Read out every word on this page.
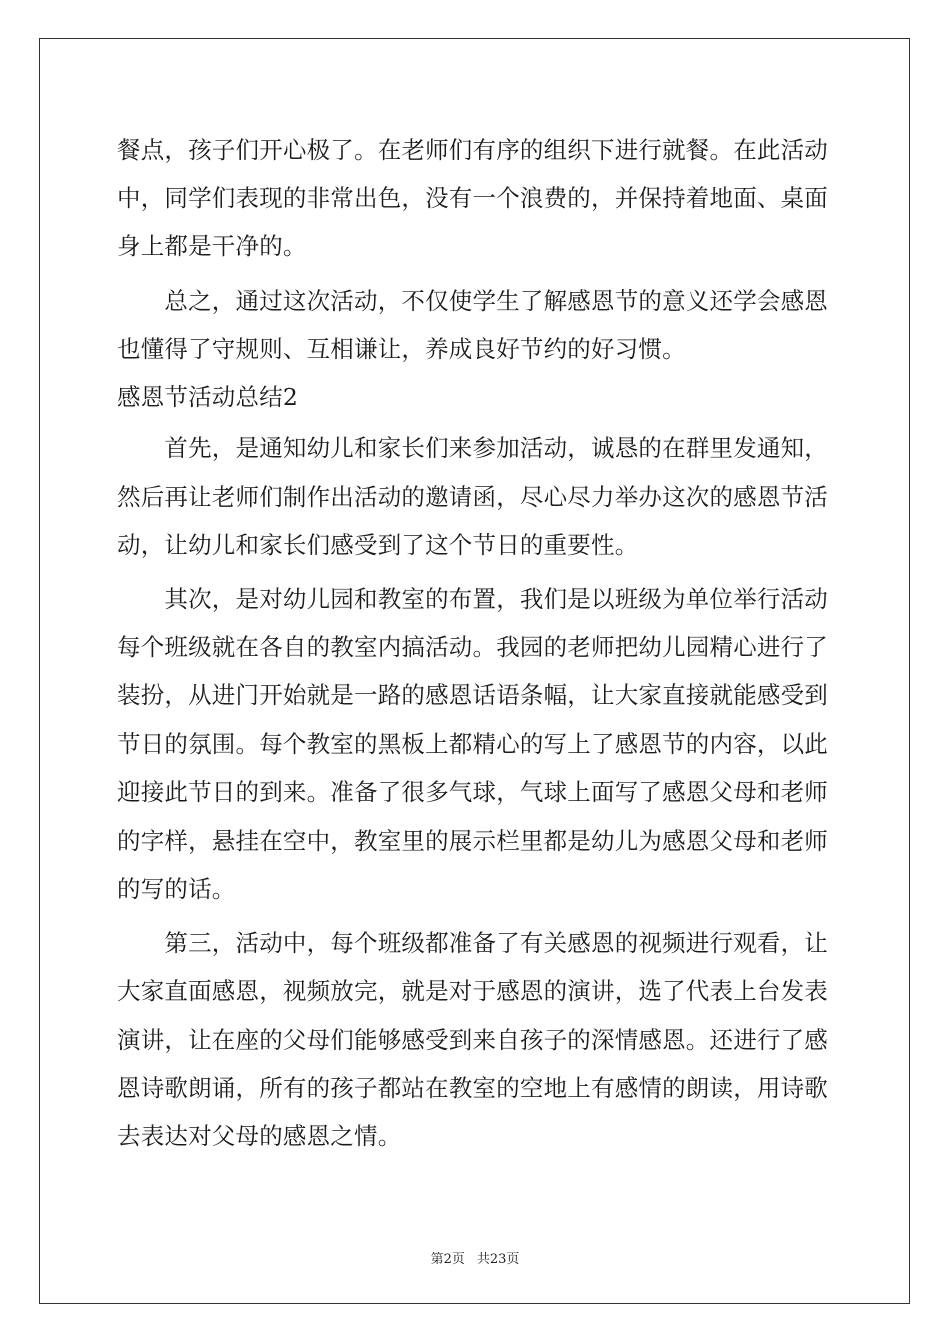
餐点，孩子们开心极了。在老师们有序的组织下进行就餐。在此活动
中，同学们表现的非常出色，没有一个浪费的，并保持着地面、桌面
身上都是干净的。
　　总之，通过这次活动，不仅使学生了解感恩节的意义还学会感恩
也懂得了守规则、互相谦让，养成良好节约的好习惯。
感恩节活动总结2
　　首先，是通知幼儿和家长们来参加活动，诚恳的在群里发通知，
然后再让老师们制作出活动的邀请函，尽心尽力举办这次的感恩节活
动，让幼儿和家长们感受到了这个节日的重要性。
　　其次，是对幼儿园和教室的布置，我们是以班级为单位举行活动
每个班级就在各自的教室内搞活动。我园的老师把幼儿园精心进行了
装扮，从进门开始就是一路的感恩话语条幅，让大家直接就能感受到
节日的氛围。每个教室的黑板上都精心的写上了感恩节的内容，以此
迎接此节日的到来。准备了很多气球，气球上面写了感恩父母和老师
的字样，悬挂在空中，教室里的展示栏里都是幼儿为感恩父母和老师
的写的话。
　　第三，活动中，每个班级都准备了有关感恩的视频进行观看，让
大家直面感恩，视频放完，就是对于感恩的演讲，选了代表上台发表
演讲，让在座的父母们能够感受到来自孩子的深情感恩。还进行了感
恩诗歌朗诵，所有的孩子都站在教室的空地上有感情的朗读，用诗歌
去表达对父母的感恩之情。
第2页 共23页
